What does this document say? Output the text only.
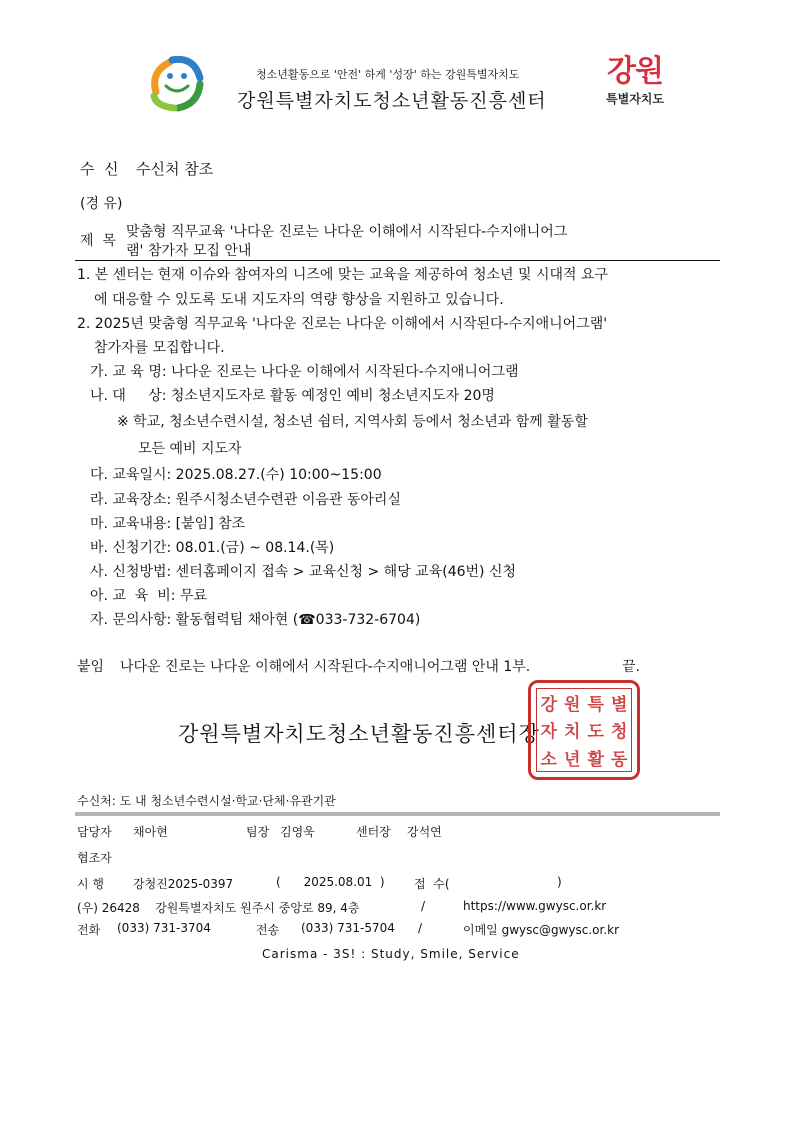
청소년활동으로 '안전' 하게 '성장' 하는 강원특별자치도
강원특별자치도청소년활동진흥센터
강원
특별자치도
수  신 수신처 참조
(경 유)
제  목
맞춤형 직무교육 '나다운 진로는 나다운 이해에서 시작된다-수지애니어그
램' 참가자 모집 안내
1. 본 센터는 현재 이슈와 참여자의 니즈에 맞는 교육을 제공하여 청소년 및 시대적 요구
에 대응할 수 있도록 도내 지도자의 역량 향상을 지원하고 있습니다.
2. 2025년 맞춤형 직무교육 '나다운 진로는 나다운 이해에서 시작된다-수지애니어그램'
참가자를 모집합니다.
가. 교 육 명: 나다운 진로는 나다운 이해에서 시작된다-수지애니어그램
나. 대     상: 청소년지도자로 활동 예정인 예비 청소년지도자 20명
※ 학교, 청소년수련시설, 청소년 쉼터, 지역사회 등에서 청소년과 함께 활동할
모든 예비 지도자
다. 교육일시: 2025.08.27.(수) 10:00~15:00
라. 교육장소: 원주시청소년수련관 이음관 동아리실
마. 교육내용: [붙임] 참조
바. 신청기간: 08.01.(금) ~ 08.14.(목)
사. 신청방법: 센터홈페이지 접속 > 교육신청 > 해당 교육(46번) 신청
아. 교  육  비: 무료
자. 문의사항: 활동협력팀 채아현 (☎033-732-6704)
붙임 나다운 진로는 나다운 이해에서 시작된다-수지애니어그램 안내 1부.	끝.
강원특별자치도청소년활동진흥센터장
강 원 특 별
자 치 도 청
소 년 활 동
수신처: 도 내 청소년수련시설·학교·단체·유관기관
담당자 채아현	팀장 김영욱	센터장 강석연
협조자
시 행 강청진2025-0397	(      2025.08.01  ) 접  수(	)
(우) 26428    강원특별자치도 원주시 중앙로 89, 4층	/	https://www.gwysc.or.kr
전화 (033) 731-3704	전송 (033) 731-5704 /	이메일 gwysc@gwysc.or.kr
Carisma - 3S! : Study, Smile, Service
